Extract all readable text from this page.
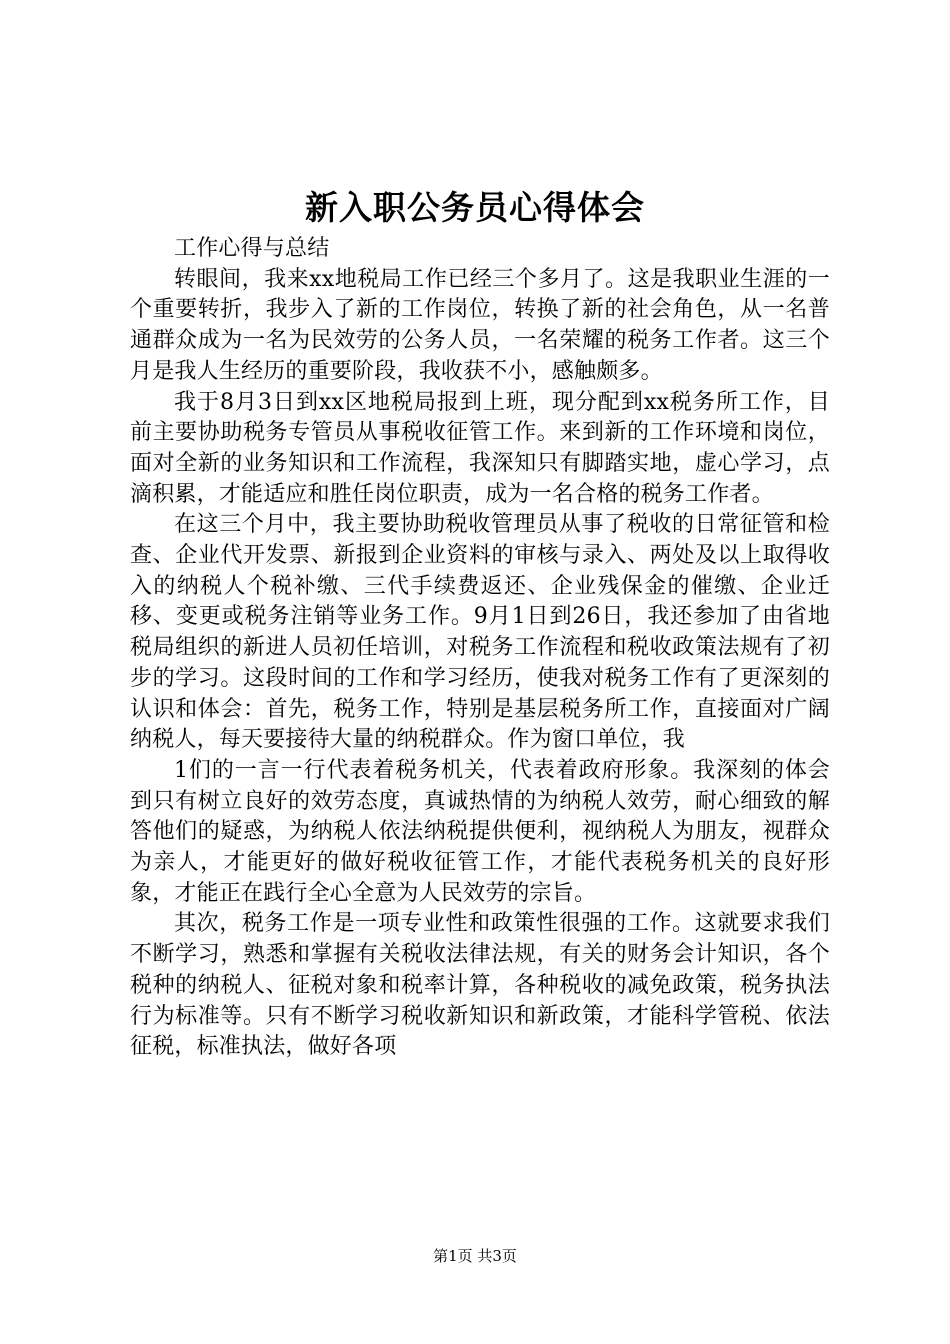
新入职公务员心得体会

工作心得与总结

转眼间，我来xx地税局工作已经三个多月了。这是我职业生涯的一个重要转折，我步入了新的工作岗位，转换了新的社会角色，从一名普通群众成为一名为民效劳的公务人员，一名荣耀的税务工作者。这三个月是我人生经历的重要阶段，我收获不小，感触颇多。

我于8月3日到xx区地税局报到上班，现分配到xx税务所工作，目前主要协助税务专管员从事税收征管工作。来到新的工作环境和岗位，面对全新的业务知识和工作流程，我深知只有脚踏实地，虚心学习，点滴积累，才能适应和胜任岗位职责，成为一名合格的税务工作者。

在这三个月中，我主要协助税收管理员从事了税收的日常征管和检查、企业代开发票、新报到企业资料的审核与录入、两处及以上取得收入的纳税人个税补缴、三代手续费返还、企业残保金的催缴、企业迁移、变更或税务注销等业务工作。9月1日到26日，我还参加了由省地税局组织的新进人员初任培训，对税务工作流程和税收政策法规有了初步的学习。这段时间的工作和学习经历，使我对税务工作有了更深刻的认识和体会：首先，税务工作，特别是基层税务所工作，直接面对广阔纳税人，每天要接待大量的纳税群众。作为窗口单位，我

1们的一言一行代表着税务机关，代表着政府形象。我深刻的体会到只有树立良好的效劳态度，真诚热情的为纳税人效劳，耐心细致的解答他们的疑惑，为纳税人依法纳税提供便利，视纳税人为朋友，视群众为亲人，才能更好的做好税收征管工作，才能代表税务机关的良好形象，才能正在践行全心全意为人民效劳的宗旨。

其次，税务工作是一项专业性和政策性很强的工作。这就要求我们不断学习，熟悉和掌握有关税收法律法规，有关的财务会计知识，各个税种的纳税人、征税对象和税率计算，各种税收的减免政策，税务执法行为标准等。只有不断学习税收新知识和新政策，才能科学管税、依法征税，标准执法，做好各项

第1页 共3页
